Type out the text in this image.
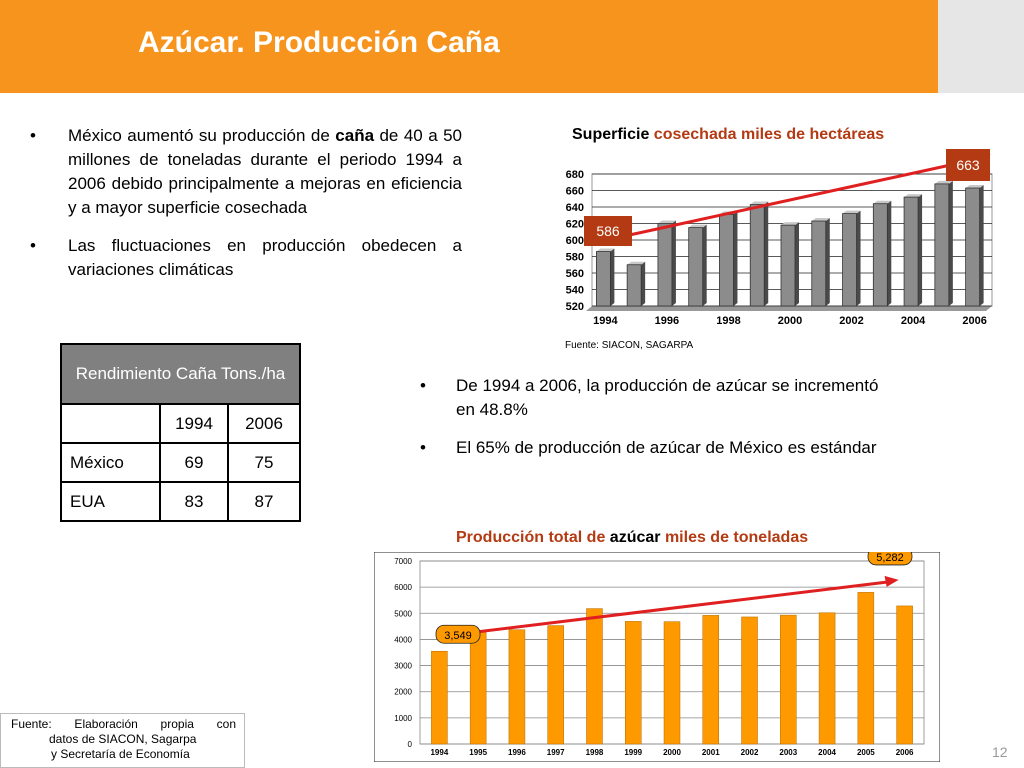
Azúcar. Producción Caña
• México aumentó su producción de caña de 40 a 50 millones de toneladas durante el periodo 1994 a 2006 debido principalmente a mejoras en eficiencia y a mayor superficie cosechada
• Las fluctuaciones en producción obedecen a variaciones climáticas
Superficie cosechada miles de hectáreas
520
540
560
580
600
620
640
660
680
1994	1996	1998	2000	2002	2004	2006
586
663
Fuente: SIACON, SAGARPA
Rendimiento Caña Tons./ha		
	1994	2006
México	69	75
EUA	83	87
• De 1994 a 2006, la producción de azúcar se incrementó en 48.8%
• El 65% de producción de azúcar de México es estándar
Producción total de azúcar miles de toneladas
0
1000
2000
3000
4000
5000
6000
7000
1994	1995	1996	1997	1998	1999	2000	2001	2002	2003	2004	2005	2006
3,549
5,282
Fuente: Elaboración propia con
datos de SIACON, Sagarpa
y Secretaría de Economía	12
